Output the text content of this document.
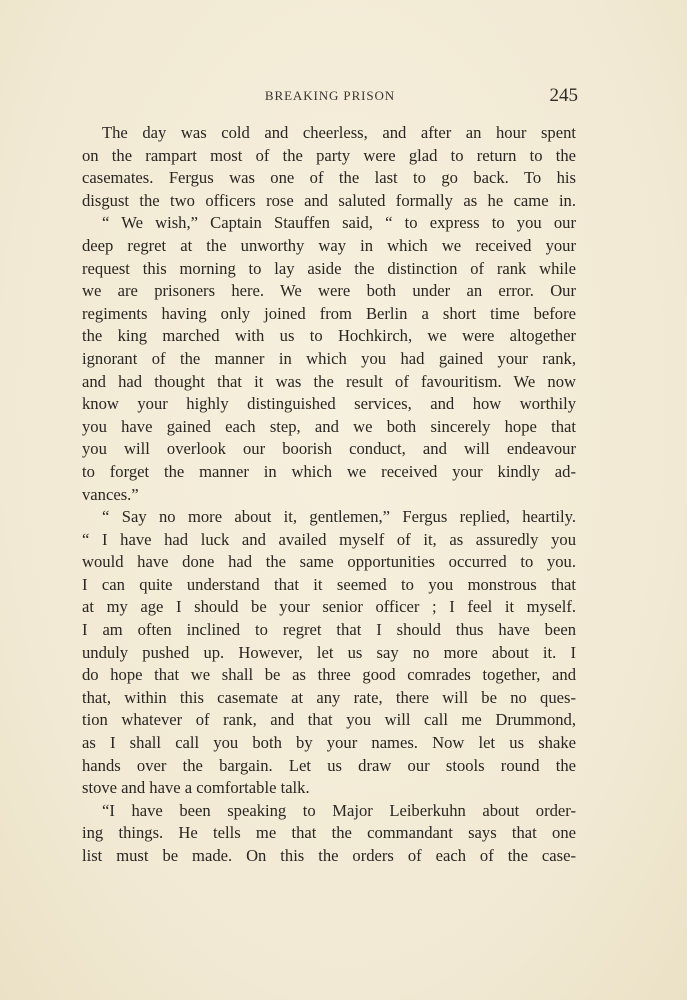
BREAKING PRISON	245
The day was cold and cheerless, and after an hour spent
on the rampart most of the party were glad to return to the
casemates. Fergus was one of the last to go back. To his
disgust the two officers rose and saluted formally as he came in.
“ We wish,” Captain Stauffen said, “ to express to you our
deep regret at the unworthy way in which we received your
request this morning to lay aside the distinction of rank while
we are prisoners here. We were both under an error. Our
regiments having only joined from Berlin a short time before
the king marched with us to Hochkirch, we were altogether
ignorant of the manner in which you had gained your rank,
and had thought that it was the result of favouritism. We now
know your highly distinguished services, and how worthily
you have gained each step, and we both sincerely hope that
you will overlook our boorish conduct, and will endeavour
to forget the manner in which we received your kindly ad-
vances.”
“ Say no more about it, gentlemen,” Fergus replied, heartily.
“ I have had luck and availed myself of it, as assuredly you
would have done had the same opportunities occurred to you.
I can quite understand that it seemed to you monstrous that
at my age I should be your senior officer ; I feel it myself.
I am often inclined to regret that I should thus have been
unduly pushed up. However, let us say no more about it. I
do hope that we shall be as three good comrades together, and
that, within this casemate at any rate, there will be no ques-
tion whatever of rank, and that you will call me Drummond,
as I shall call you both by your names. Now let us shake
hands over the bargain. Let us draw our stools round the
stove and have a comfortable talk.
“I have been speaking to Major Leiberkuhn about order-
ing things. He tells me that the commandant says that one
list must be made. On this the orders of each of the case-
